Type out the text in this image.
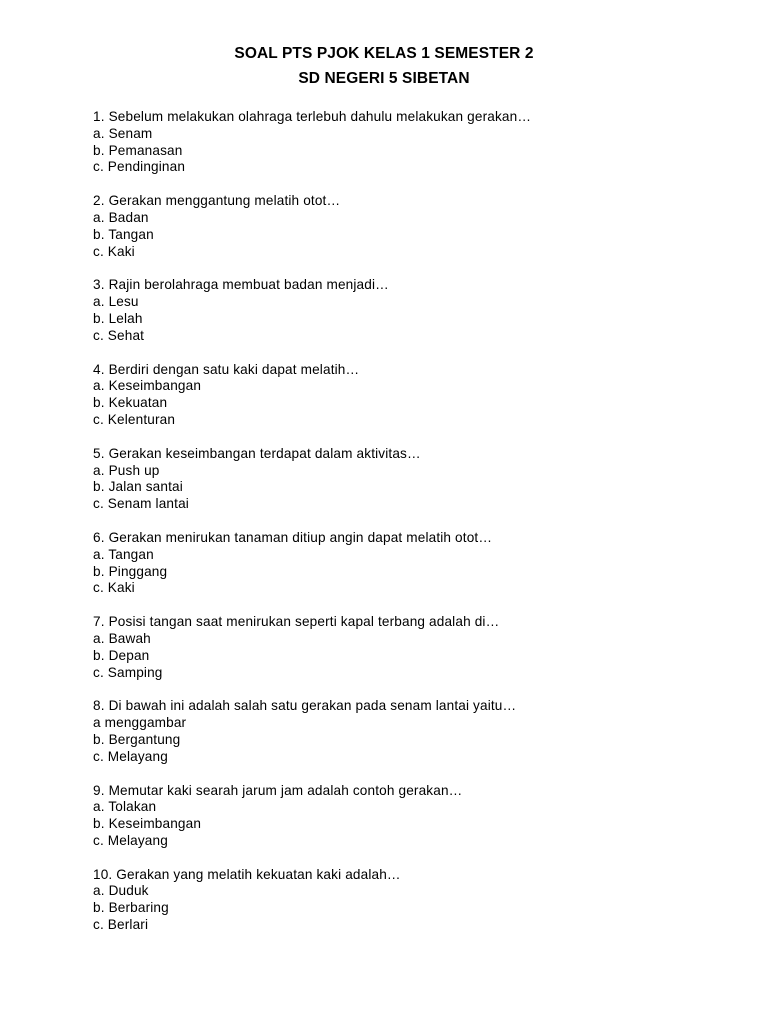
SOAL PTS PJOK KELAS 1 SEMESTER 2
SD NEGERI 5 SIBETAN
1. Sebelum melakukan olahraga terlebuh dahulu melakukan gerakan…
a. Senam
b. Pemanasan
c. Pendinginan
2. Gerakan menggantung melatih otot…
a. Badan
b. Tangan
c. Kaki
3. Rajin berolahraga membuat badan menjadi…
a. Lesu
b. Lelah
c. Sehat
4. Berdiri dengan satu kaki dapat melatih…
a. Keseimbangan
b. Kekuatan
c. Kelenturan
5. Gerakan keseimbangan terdapat dalam aktivitas…
a. Push up
b. Jalan santai
c. Senam lantai
6. Gerakan menirukan tanaman ditiup angin dapat melatih otot…
a. Tangan
b. Pinggang
c. Kaki
7. Posisi tangan saat menirukan seperti kapal terbang adalah di…
a. Bawah
b. Depan
c. Samping
8. Di bawah ini adalah salah satu gerakan pada senam lantai yaitu…
a menggambar
b. Bergantung
c. Melayang
9. Memutar kaki searah jarum jam adalah contoh gerakan…
a. Tolakan
b. Keseimbangan
c. Melayang
10. Gerakan yang melatih kekuatan kaki adalah…
a. Duduk
b. Berbaring
c. Berlari
